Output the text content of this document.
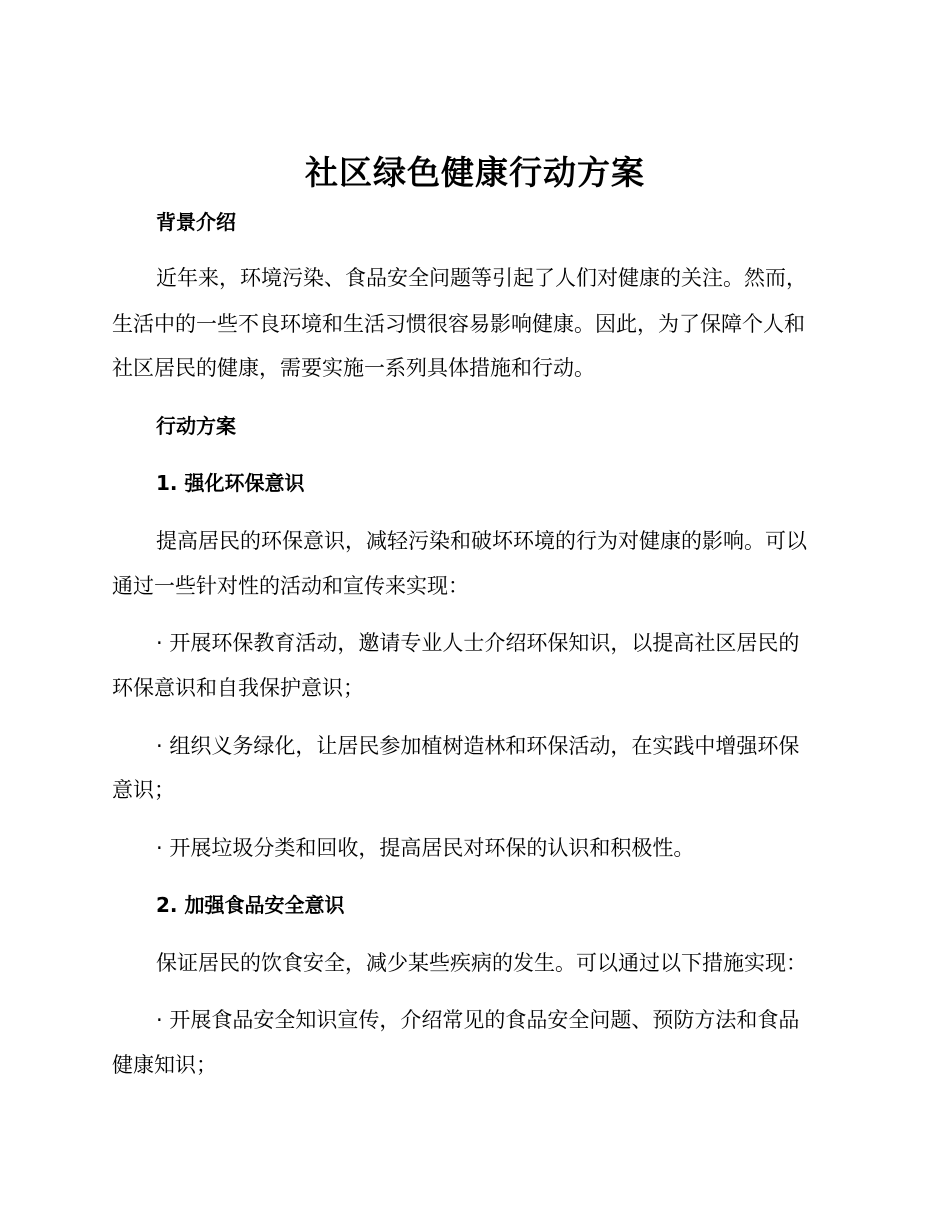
社区绿色健康行动方案
背景介绍
近年来，环境污染、食品安全问题等引起了人们对健康的关注。然而，
生活中的一些不良环境和生活习惯很容易影响健康。因此，为了保障个人和
社区居民的健康，需要实施一系列具体措施和行动。
行动方案
1. 强化环保意识
提高居民的环保意识，减轻污染和破坏环境的行为对健康的影响。可以
通过一些针对性的活动和宣传来实现：
· 开展环保教育活动，邀请专业人士介绍环保知识，以提高社区居民的
环保意识和自我保护意识；
· 组织义务绿化，让居民参加植树造林和环保活动，在实践中增强环保
意识；
· 开展垃圾分类和回收，提高居民对环保的认识和积极性。
2. 加强食品安全意识
保证居民的饮食安全，减少某些疾病的发生。可以通过以下措施实现：
· 开展食品安全知识宣传，介绍常见的食品安全问题、预防方法和食品
健康知识；
